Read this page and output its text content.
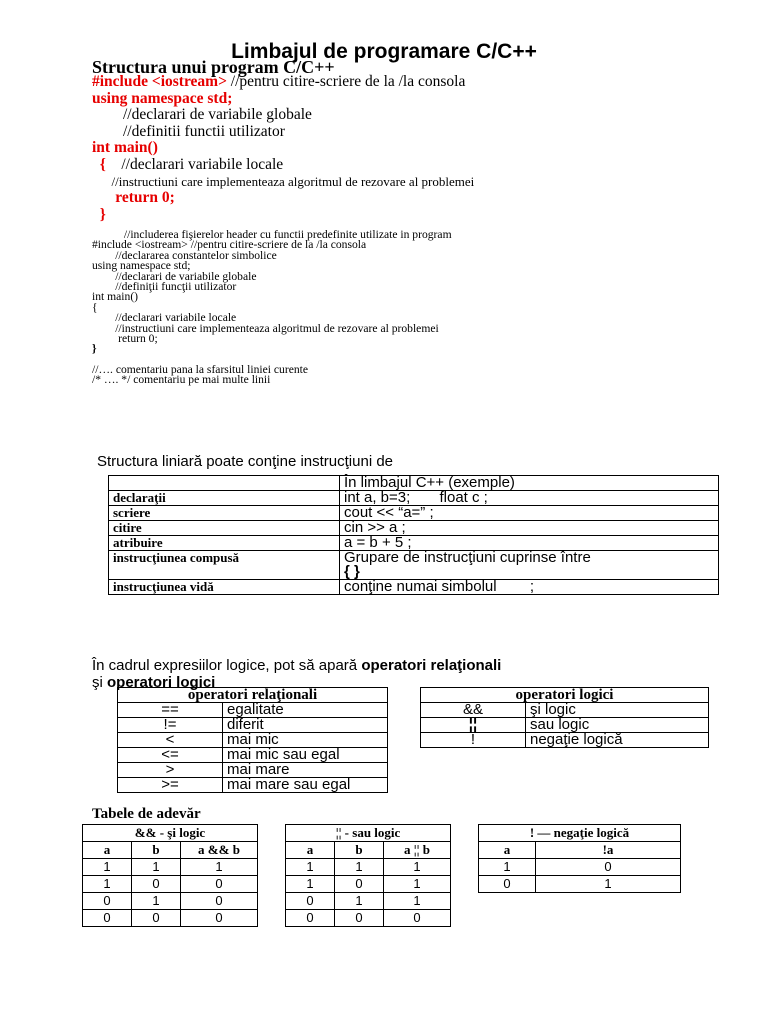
Limbajul de programare C/C++
Structura unui program C/C++
#include <iostream> //pentru citire-scriere de la /la consola
using namespace std;
//declarari de variabile globale
//definitii functii utilizator
int main()
{    //declarari variabile locale
//instructiuni care implementeaza algoritmul de rezovare al problemei
return 0;
}
//includerea fişierelor header cu functii predefinite utilizate in program
#include <iostream> //pentru citire-scriere de la /la consola
//declararea constantelor simbolice
using namespace std;
//declarari de variabile globale
//definiţii funcţii utilizator
int main()
{
//declarari variabile locale
//instructiuni care implementeaza algoritmul de rezovare al problemei
return 0;
}
//…. comentariu pana la sfarsitul liniei curente
/* …. */ comentariu pe mai multe linii
Structura liniară poate conţine instrucţiuni de
	În limbajul C++ (exemple)
declaraţii	int a, b=3;       float c ;
scriere	cout << “a=” ;
citire	cin >> a ;
atribuire	a = b + 5 ;
instrucţiunea compusă	Grupare de instrucţiuni cuprinse între
	{ }
instrucţiunea vidă	conţine numai simbolul        ;
În cadrul expresiilor logice, pot să apară operatori relaţionali
şi operatori logici
operatori relaţionali	
==	egalitate
!=	diferit
<	mai mic
<=	mai mic sau egal
>	mai mare
>=	mai mare sau egal
operatori logici	
&&	şi logic
¦¦	sau logic
!	negaţie logică
Tabele de adevăr
&& - şi logic		
a	b	a && b
1	1	1
1	0	0
0	1	0
0	0	0
¦¦ - sau logic		
a	b	a ¦¦ b
1	1	1
1	0	1
0	1	1
0	0	0
! — negaţie logică	
a	!a
1	0
0	1
